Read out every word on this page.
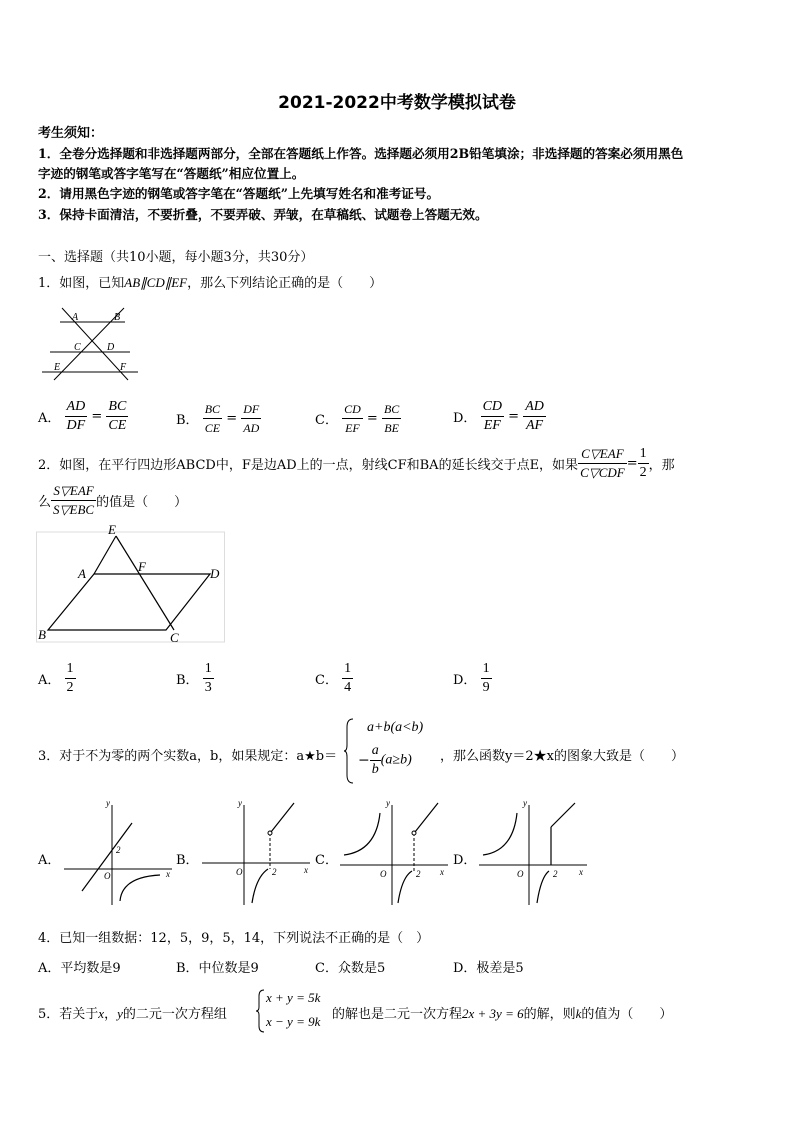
2021-2022中考数学模拟试卷
考生须知：
1．全卷分选择题和非选择题两部分，全部在答题纸上作答。选择题必须用2B铅笔填涂；非选择题的答案必须用黑色
字迹的钢笔或答字笔写在“答题纸”相应位置上。
2．请用黑色字迹的钢笔或答字笔在“答题纸”上先填写姓名和准考证号。
3．保持卡面清洁，不要折叠，不要弄破、弄皱，在草稿纸、试题卷上答题无效。
一、选择题（共10小题，每小题3分，共30分）
1．如图，已知AB∥CD∥EF，那么下列结论正确的是（　　）
A	B
C	D
E	F
A． $\frac{AD}{DF} = \frac{BC}{CE}$	B． $\frac{BC}{CE} = \frac{DF}{AD}$	C． $\frac{CD}{EF} = \frac{BC}{BE}$	D． $\frac{CD}{EF} = \frac{AD}{AF}$
2．如图，在平行四边形ABCD中，F是边AD上的一点，射线CF和BA的延长线交于点E，如果 $\frac{\text{C▽EAF}}{\text{C▽CDF}} = \frac{1}{2}$ ，那
么 $\frac{\text{S▽EAF}}{\text{S▽EBC}}$ 的值是（　　）
E
A	F	D
B	C
A． $\frac{1}{2}$	B． $\frac{1}{3}$	C． $\frac{1}{4}$	D． $\frac{1}{9}$
3．对于不为零的两个实数a，b，如果规定：a★b＝
a+b(a<b)
− $\frac{a}{b} (a\ge b)$ ，那么函数y＝2★x的图象大致是（　　）
A．	B．	C．	D．
y
x
O
2
y
x
O	2
y
x
O	2
y
x
O	2
4．已知一组数据：12，5，9，5，14，下列说法不正确的是（　）
A．平均数是9	B．中位数是9	C．众数是5	D．极差是5
5．若关于x，y的二元一次方程组
x + y = 5k
x − y = 9k 的解也是二元一次方程2x + 3y = 6的解，则k的值为（　　）
